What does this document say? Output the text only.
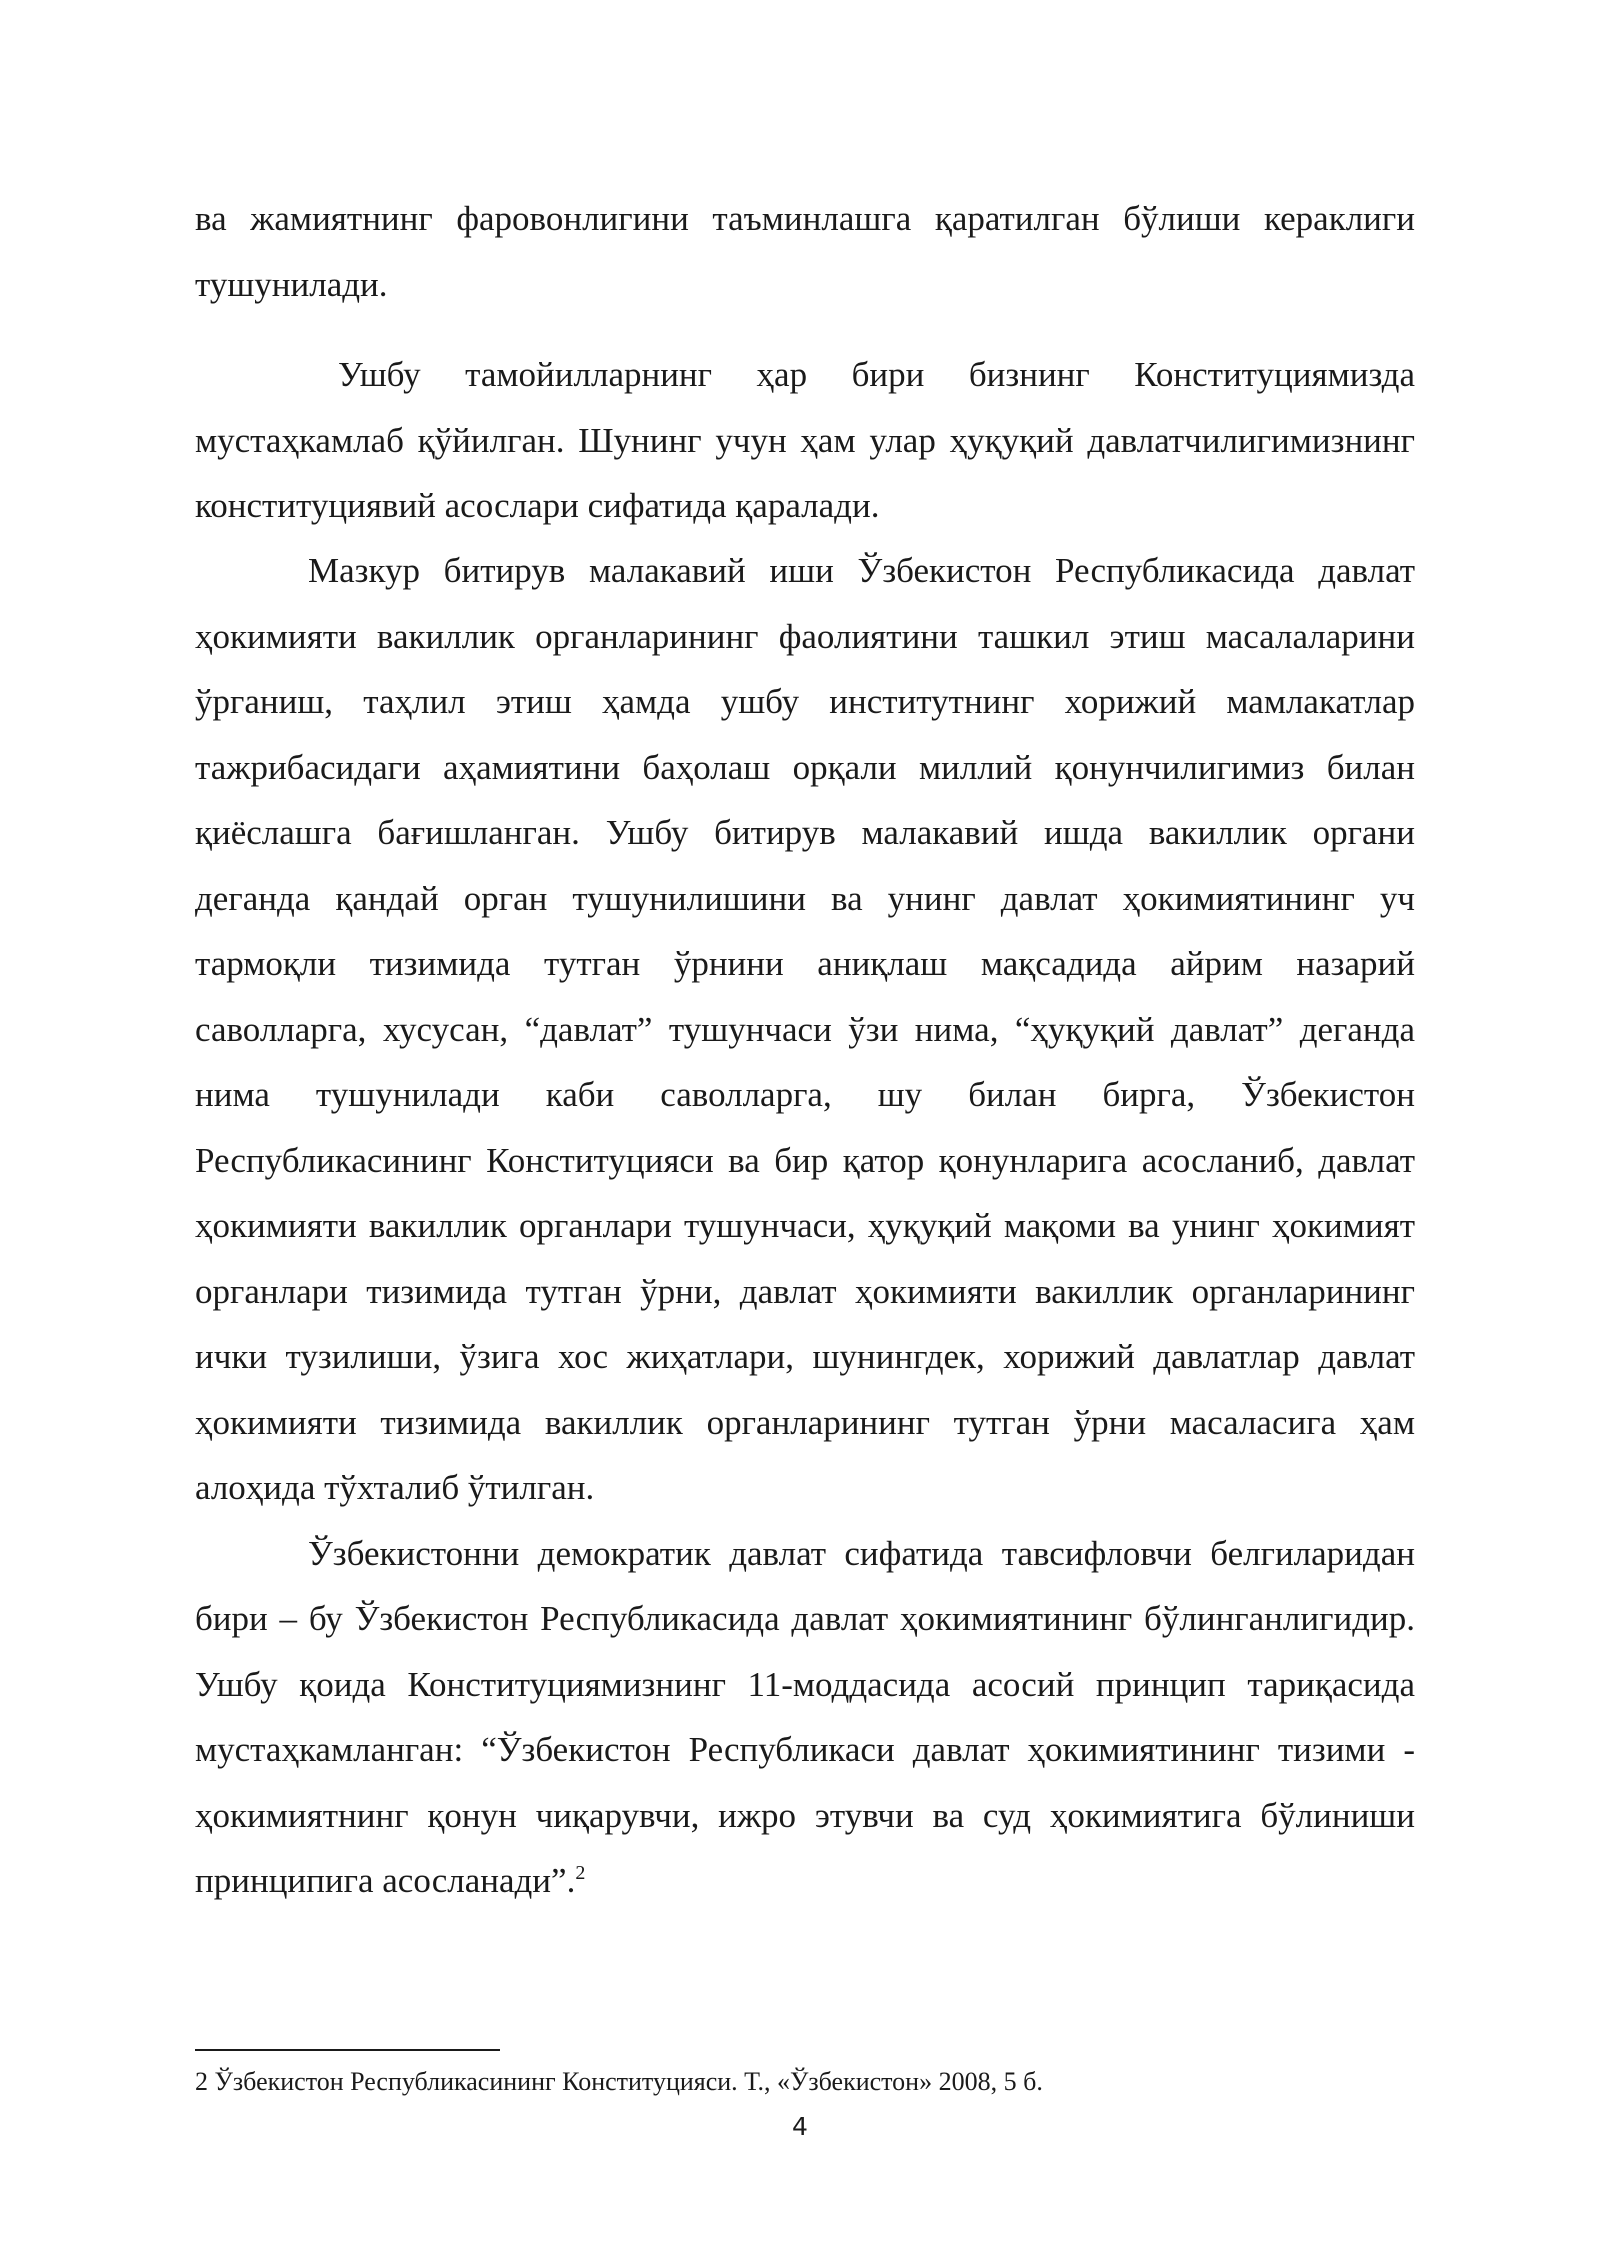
ва жамиятнинг фаровонлигини таъминлашга қаратилган бўлиши кераклиги тушунилади.

Ушбу тамойилларнинг ҳар бири бизнинг Конституциямизда мустаҳкамлаб қўйилган. Шунинг учун ҳам улар ҳуқуқий давлатчилигимизнинг конституциявий асослари сифатида қаралади.

Мазкур битирув малакавий иши Ўзбекистон Республикасида давлат ҳокимияти вакиллик органларининг фаолиятини ташкил этиш масалаларини ўрганиш, таҳлил этиш ҳамда ушбу институтнинг хорижий мамлакатлар тажрибасидаги аҳамиятини баҳолаш орқали миллий қонунчилигимиз билан қиёслашга бағишланган. Ушбу битирув малакавий ишда вакиллик органи деганда қандай орган тушунилишини ва унинг давлат ҳокимиятининг уч тармоқли тизимида тутган ўрнини аниқлаш мақсадида айрим назарий саволларга, хусусан, “давлат” тушунчаси ўзи нима, “ҳуқуқий давлат” деганда нима тушунилади каби саволларга, шу билан бирга, Ўзбекистон Республикасининг Конституцияси ва бир қатор қонунларига асосланиб, давлат ҳокимияти вакиллик органлари тушунчаси, ҳуқуқий мақоми ва унинг ҳокимият органлари тизимида тутган ўрни, давлат ҳокимияти вакиллик органларининг ички тузилиши, ўзига хос жиҳатлари, шунингдек, хорижий давлатлар давлат ҳокимияти тизимида вакиллик органларининг тутган ўрни масаласига ҳам алоҳида тўхталиб ўтилган.

Ўзбекистонни демократик давлат сифатида тавсифловчи белгиларидан бири – бу Ўзбекистон Республикасида давлат ҳокимиятининг бўлинганлигидир. Ушбу қоида Конституциямизнинг 11-моддасида асосий принцип тариқасида мустаҳкамланган: “Ўзбекистон Республикаси давлат ҳокимиятининг тизими - ҳокимиятнинг қонун чиқарувчи, ижро этувчи ва суд ҳокимиятига бўлиниши принципига асосланади”.$^2$

2 Ўзбекистон Республикасининг Конституцияси. Т., «Ўзбекистон» 2008, 5 б.
4
